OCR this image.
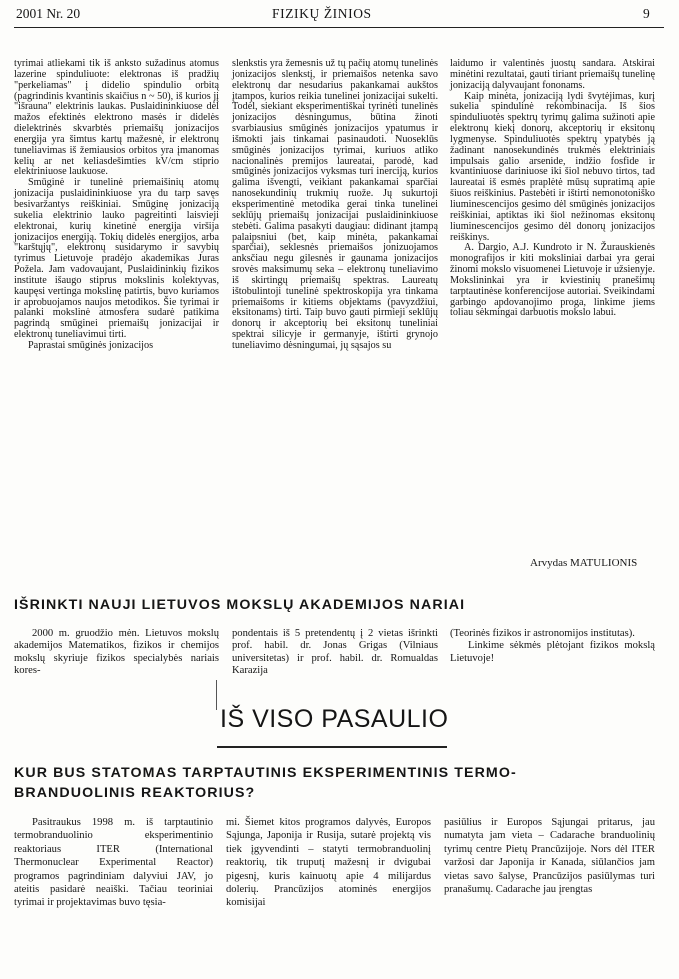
2001 Nr. 20	FIZIKŲ ŽINIOS	9

tyrimai atliekami tik iš anksto sužadinus atomus lazerine spinduliuote: elektronas iš pradžių "perkeliamas" į didelio spindulio orbitą (pagrindinis kvantinis skaičius n ~ 50), iš kurios jį "išrauna" elektrinis laukas. Puslaidininkiuose dėl mažos efektinės elektrono masės ir didelės dielektrinės skvarbtės priemaišų jonizacijos energija yra šimtus kartų mažesnė, ir elektronų tuneliavimas iš žemiausios orbitos yra įmanomas kelių ar net keliasdešimties kV/cm stiprio elektriniuose laukuose.

Smūginė ir tunelinė priemaišinių atomų jonizacija puslaidininkiuose yra du tarp savęs besivaržantys reiškiniai. Smūginę jonizaciją sukelia elektrinio lauko pagreitinti laisvieji elektronai, kurių kinetinė energija viršija jonizacijos energiją. Tokių didelės energijos, arba "karštųjų", elektronų susidarymo ir savybių tyrimus Lietuvoje pradėjo akademikas Juras Požela. Jam vadovaujant, Puslaidininkių fizikos institute išaugo stiprus mokslinis kolektyvas, kaupęsi vertinga mokslinę patirtis, buvo kuriamos ir aprobuojamos naujos metodikos. Šie tyrimai ir palanki mokslinė atmosfera sudarė patikima pagrindą smūginei priemaišų jonizacijai ir elektronų tuneliavimui tirti.

Paprastai smūginės jonizacijos

slenkstis yra žemesnis už tų pačių atomų tunelinės jonizacijos slenkstį, ir priemaišos netenka savo elektronų dar nesudarius pakankamai aukštos įtampos, kurios reikia tunelinei jonizacijai sukelti. Todėl, siekiant eksperimentiškai tyrinėti tunelinės jonizacijos dėsningumus, būtina žinoti svarbiausius smūginės jonizacijos ypatumus ir išmokti jais tinkamai pasinaudoti. Nuoseklūs smūginės jonizacijos tyrimai, kuriuos atliko nacionalinės premijos laureatai, parodė, kad smūginės jonizacijos vyksmas turi inerciją, kurios galima išvengti, veikiant pakankamai sparčiai nanosekundinių trukmių ruože. Jų sukurtoji eksperimentinė metodika gerai tinka tunelinei seklūjų priemaišų jonizacijai puslaidininkiuose stebėti. Galima pasakyti daugiau: didinant įtampą palaipsniui (bet, kaip minėta, pakankamai sparčiai), seklesnės priemaišos jonizuojamos anksčiau negu gilesnės ir gaunama jonizacijos srovės maksimumų seka – elektronų tuneliavimo iš skirtingų priemaišų spektras. Laureatų ištobulintoji tunelinė spektroskopija yra tinkama priemaišoms ir kitiems objektams (pavyzdžiui, eksitonams) tirti. Taip buvo gauti pirmieji seklūjų donorų ir akceptorių bei eksitonų tuneliniai spektrai silicyje ir germanyje, ištirti grynojo tuneliavimo dėsningumai, jų sąsajos su

laidumo ir valentinės juostų sandara. Atskirai minėtini rezultatai, gauti tiriant priemaišų tunelinę jonizaciją dalyvaujant fononams.

Kaip minėta, jonizaciją lydi švytėjimas, kurį sukelia spindulinė rekombinacija. Iš šios spinduliuotės spektrų tyrimų galima sužinoti apie elektronų kiekį donorų, akceptorių ir eksitonų lygmenyse. Spinduliuotės spektrų ypatybės ją žadinant nanosekundinės trukmės elektriniais impulsais galio arsenide, indžio fosfide ir kvantiniuose dariniuose iki šiol nebuvo tirtos, tad laureatai iš esmės praplėtė mūsų supratimą apie šiuos reiškinius. Pastebėti ir ištirti nemonotoniško liuminescencijos gesimo dėl smūginės jonizacijos reiškiniai, aptiktas iki šiol nežinomas eksitonų liuminescencijos gesimo dėl donorų jonizacijos reiškinys.

A. Dargio, A.J. Kundroto ir N. Žurauskienės monografijos ir kiti moksliniai darbai yra gerai žinomi mokslo visuomenei Lietuvoje ir užsienyje. Mokslininkai yra ir kviestinių pranešimų tarptautinėse konferencijose autoriai. Sveikindami garbingo apdovanojimo proga, linkime jiems toliau sėkmingai darbuotis mokslo labui.

Arvydas MATULIONIS
IŠRINKTI NAUJI LIETUVOS MOKSLŲ AKADEMIJOS NARIAI

2000 m. gruodžio mėn. Lietuvos mokslų akademijos Matematikos, fizikos ir chemijos mokslų skyriuje fizikos specialybės nariais kores-

pondentais iš 5 pretendentų į 2 vietas išrinkti prof. habil. dr. Jonas Grigas (Vilniaus universitetas) ir prof. habil. dr. Romualdas Karazija

(Teorinės fizikos ir astronomijos institutas).

Linkime sėkmės plėtojant fizikos mokslą Lietuvoje!

IŠ VISO PASAULIO
KUR BUS STATOMAS TARPTAUTINIS EKSPERIMENTINIS TERMO-
BRANDUOLINIS REAKTORIUS?

Pasitraukus 1998 m. iš tarptautinio termobranduolinio eksperimentinio reaktoriaus ITER (International Thermonuclear Experimental Reactor) programos pagrindiniam dalyviui JAV, jo ateitis pasidarė neaiški. Tačiau teoriniai tyrimai ir projektavimas buvo tęsia-

mi. Šiemet kitos programos dalyvės, Europos Sąjunga, Japonija ir Rusija, sutarė projektą vis tiek įgyvendinti – statyti termobranduolinį reaktorių, tik truputį mažesnį ir dvigubai pigesnį, kuris kainuotų apie 4 milijardus dolerių. Prancūzijos atominės energijos komisijai

pasiūlius ir Europos Sąjungai pritarus, jau numatyta jam vieta – Cadarache branduolinių tyrimų centre Pietų Prancūzijoje. Nors dėl ITER varžosi dar Japonija ir Kanada, siūlančios jam vietas savo šalyse, Prancūzijos pasiūlymas turi pranašumų. Cadarache jau įrengtas
